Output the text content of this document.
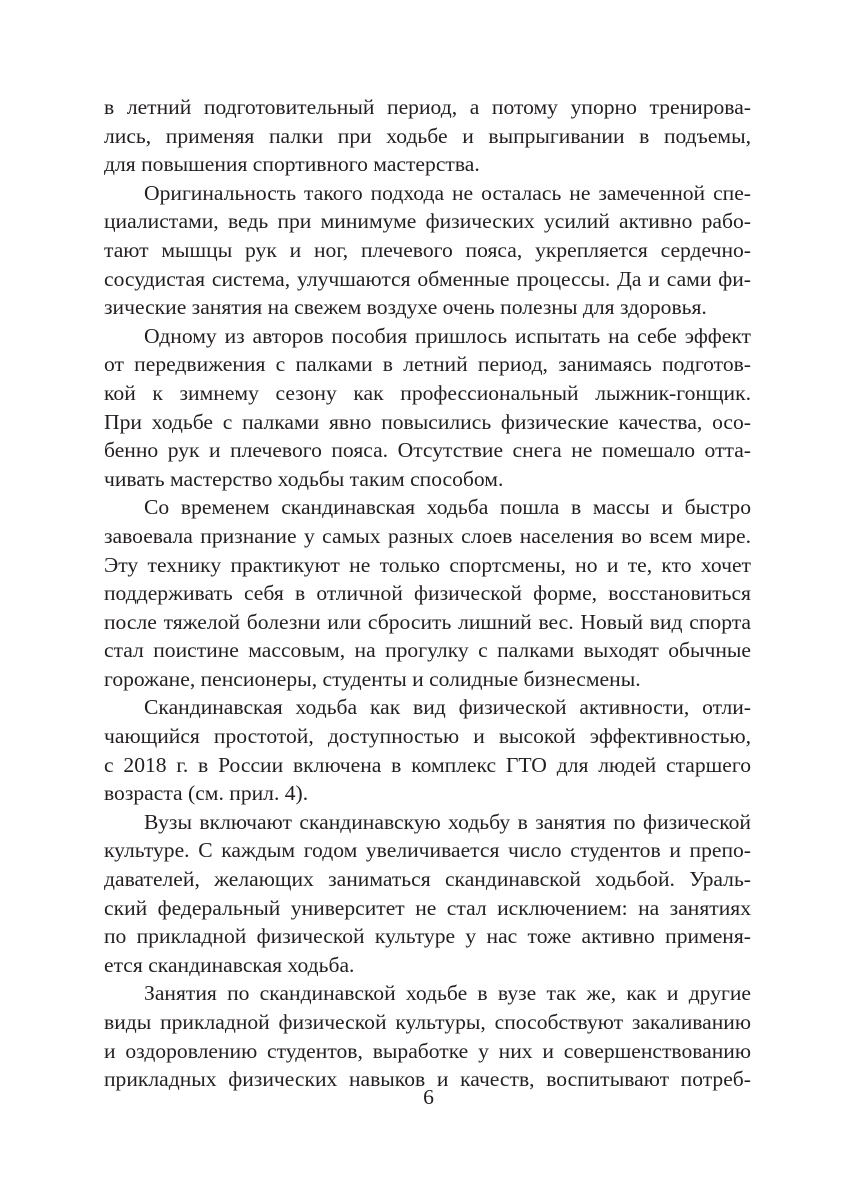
в летний подготовительный период, а потому упорно тренирова-
лись, применяя палки при ходьбе и выпрыгивании в подъемы,
для повышения спортивного мастерства.
Оригинальность такого подхода не осталась не замеченной спе-
циалистами, ведь при минимуме физических усилий активно рабо-
тают мышцы рук и ног, плечевого пояса, укрепляется сердечно-
сосудистая система, улучшаются обменные процессы. Да и сами фи-
зические занятия на свежем воздухе очень полезны для здоровья.
Одному из авторов пособия пришлось испытать на себе эффект
от передвижения с палками в летний период, занимаясь подготов-
кой к зимнему сезону как профессиональный лыжник-гонщик.
При ходьбе с палками явно повысились физические качества, осо-
бенно рук и плечевого пояса. Отсутствие снега не помешало отта-
чивать мастерство ходьбы таким способом.
Со временем скандинавская ходьба пошла в массы и быстро
завоевала признание у самых разных слоев населения во всем мире.
Эту технику практикуют не только спортсмены, но и те, кто хочет
поддерживать себя в отличной физической форме, восстановиться
после тяжелой болезни или сбросить лишний вес. Новый вид спорта
стал поистине массовым, на прогулку с палками выходят обычные
горожане, пенсионеры, студенты и солидные бизнесмены.
Скандинавская ходьба как вид физической активности, отли-
чающийся простотой, доступностью и высокой эффективностью,
с 2018 г. в России включена в комплекс ГТО для людей старшего
возраста (см. прил. 4).
Вузы включают скандинавскую ходьбу в занятия по физической
культуре. С каждым годом увеличивается число студентов и препо-
давателей, желающих заниматься скандинавской ходьбой. Ураль-
ский федеральный университет не стал исключением: на занятиях
по прикладной физической культуре у нас тоже активно применя-
ется скандинавская ходьба.
Занятия по скандинавской ходьбе в вузе так же, как и другие
виды прикладной физической культуры, способствуют закаливанию
и оздоровлению студентов, выработке у них и совершенствованию
прикладных физических навыков и качеств, воспитывают потреб-
6
